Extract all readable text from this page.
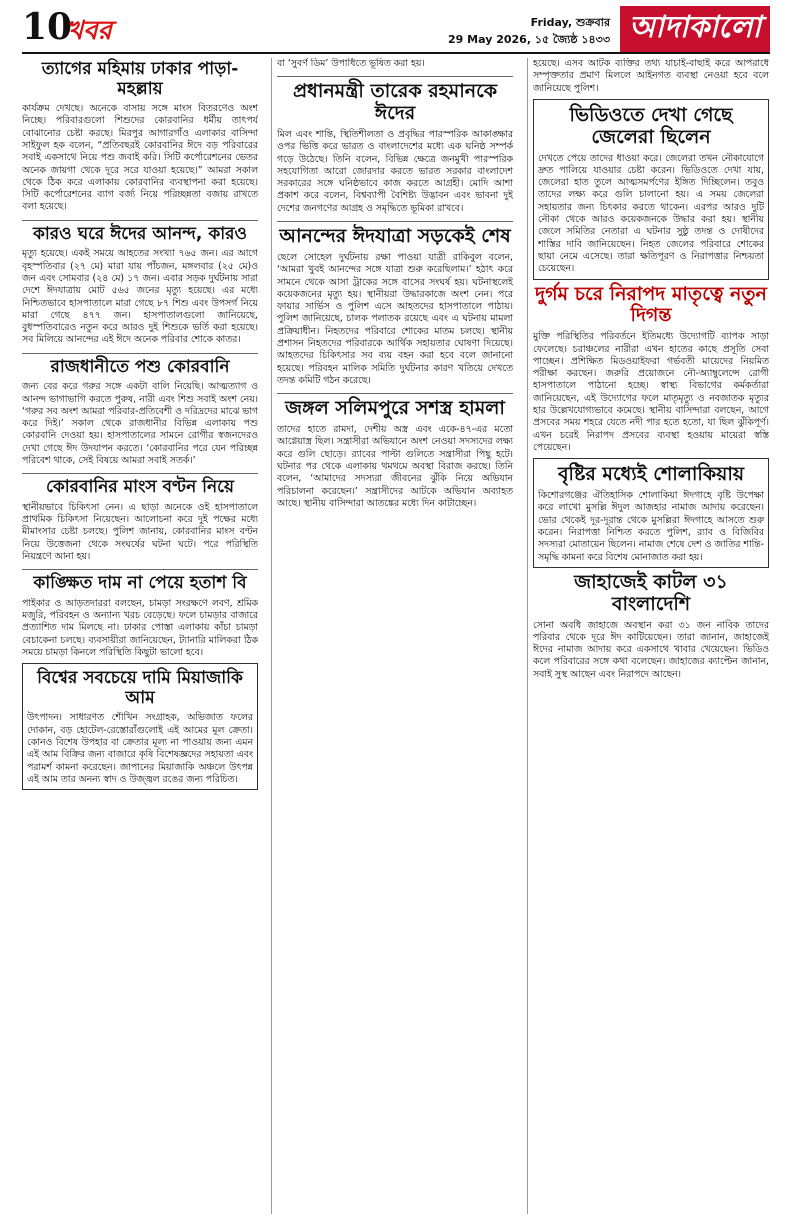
10
খবর	Friday, শুক্রবার
29 May 2026, ১৫ জ্যৈষ্ঠ ১৪৩৩ আদাকালো
ত্যাগের মহিমায় ঢাকার পাড়া-মহল্লায়

কার্যক্রম দেখছে। অনেকে বাসায় সঙ্গে মাংস বিতরণেও অংশ নিচ্ছে। পরিবারগুলো শিশুদের কোরবানির ধর্মীয় তাৎপর্য বোঝানোর চেষ্টা করছে। মিরপুর আগারগাঁও এলাকার বাসিন্দা সাইফুল হক বলেন, “প্রতিবছরই কোরবানির ঈদে বড় পরিবারের সবাই একসাথে নিয়ে পশু জবাই করি। সিটি কর্পোরেশনের ভেতর অনেক জায়গা থেকে দূরে সরে যাওয়া হয়েছে।” আমরা সকাল থেকে ঠিক করে এলাকায় কোরবানির ব্যবস্থাপনা করা হয়েছে। সিটি কর্পোরেশনের ব্যাগ বর্জ্য নিয়ে পরিচ্ছন্নতা বজায় রাখতে বলা হয়েছে।

কারও ঘরে ঈদের আনন্দ, কারও

মৃত্যু হয়েছে। একই সময়ে আহতের সংখ্যা ৭৬৫ জন। এর আগে বৃহস্পতিবার (২৭ মে) মারা যায় পাঁচজন, মঙ্গলবার (২৫ মে)ও জন এবং সোমবার (২৪ মে) ১৭ জন। এবার সড়ক দুর্ঘটনায় সারা দেশে ঈদযাত্রায় মোট ৫৬৫ জনের মৃত্যু হয়েছে। এর মধ্যে নিশ্চিতভাবে হাসপাতালে মারা গেছে ৮৭ শিশু এবং উপসর্গ নিয়ে মারা গেছে ৪৭৭ জন। হাসপাতালগুলো জানিয়েছে, বুধস্পতিবারেও নতুন করে আরও দুই শিশুকে ভর্তি করা হয়েছে। সব মিলিয়ে আনন্দের এই ঈদে অনেক পরিবার শোকে কাতর।

রাজধানীতে পশু কোরবানি

জন্য বের করে গরুর সঙ্গে একটা বালি নিয়েছি। আত্মত্যাগ ও আনন্দ ভাগাভাগি করতে পুরুষ, নারী এবং শিশু সবাই অংশ নেয়। ‘গরুর সব অংশ আমরা পরিবার-প্রতিবেশী ও দরিদ্রদের মাঝে ভাগ করে দিই।’ সকাল থেকে রাজধানীর বিভিন্ন এলাকায় পশু কোরবানি দেওয়া হয়। হাসপাতালের সামনে রোগীর স্বজনদেরও দেখা গেছে ঈদ উদযাপন করতে। ‘কোরবানির পরে যেন পরিচ্ছন্ন পরিবেশ থাকে, সেই বিষয়ে আমরা সবাই সতর্ক।’

কোরবানির মাংস বণ্টন নিয়ে

স্থানীয়ভাবে চিকিৎসা নেন। এ ছাড়া অনেকে ওই হাসপাতালে প্রাথমিক চিকিৎসা নিয়েছেন। আলোচনা করে দুই পক্ষের মধ্যে মীমাংসার চেষ্টা চলছে। পুলিশ জানায়, কোরবানির মাংস বণ্টন নিয়ে উত্তেজনা থেকে সংঘর্ষের ঘটনা ঘটে। পরে পরিস্থিতি নিয়ন্ত্রণে আনা হয়।

কাঙ্ক্ষিত দাম না পেয়ে হতাশ বি

পাইকার ও আড়তদাররা বলছেন, চামড়া সংরক্ষণে লবণ, শ্রমিক মজুরি, পরিবহন ও অন্যান্য খরচ বেড়েছে। ফলে চামড়ার বাজারে প্রত্যাশিত দাম মিলছে না। ঢাকার পোস্তা এলাকায় কাঁচা চামড়া বেচাকেনা চলছে। ব্যবসায়ীরা জানিয়েছেন, ট্যানারি মালিকরা ঠিক সময়ে চামড়া কিনলে পরিস্থিতি কিছুটা ভালো হবে।

বিশ্বের সবচেয়ে দামি মিয়াজাকি আম

উৎপাদন। সাধারণত শৌখিন সংগ্রাহক, অভিজাত ফলের দোকান, বড় হোটেল-রেস্তোরাঁগুলোই এই আমের মূল ক্রেতা। কোনও বিশেষ উপহার বা ক্রেতার মূল্য না পাওয়ায় জন্য এমন এই আম বিক্রির জন্য বাজারে কৃষি বিশেষজ্ঞদের সহায়তা এবং পরামর্শ কামনা করেছেন। জাপানের মিয়াজাকি অঞ্চলে উৎপন্ন এই আম তার অনন্য স্বাদ ও উজ্জ্বল রঙের জন্য পরিচিত।

বা ‘সুবর্ণ ডিম’ উপাধিতে ভূষিত করা হয়।

প্রধানমন্ত্রী তারেক রহমানকে ঈদের

মিল এবং শান্তি, স্থিতিশীলতা ও প্রবৃদ্ধির পারস্পরিক আকাঙ্ক্ষার ওপর ভিত্তি করে ভারত ও বাংলাদেশের মধ্যে এক ঘনিষ্ঠ সম্পর্ক গড়ে উঠেছে। তিনি বলেন, বিভিন্ন ক্ষেত্রে জনমুখী পারস্পরিক সহযোগিতা আরো জোরদার করতে ভারত সরকার বাংলাদেশ সরকারের সঙ্গে ঘনিষ্ঠভাবে কাজ করতে আগ্রহী। মোদি আশা প্রকাশ করে বলেন, বিশ্বব্যাপী বৈশিষ্ট্য উদ্ভাবন এবং ভাবনা দুই দেশের জনগণের আগ্রহ ও সমৃদ্ধিতে ভূমিকা রাখবে।

আনন্দের ঈদযাত্রা সড়কেই শেষ

ছেলে সোহেল দুর্ঘটনায় রক্ষা পাওয়া যাত্রী রাকিবুল বলেন, ‘আমরা খুবই আনন্দের সঙ্গে যাত্রা শুরু করেছিলাম।’ হঠাৎ করে সামনে থেকে আসা ট্রাকের সঙ্গে বাসের সংঘর্ষ হয়। ঘটনাস্থলেই কয়েকজনের মৃত্যু হয়। স্থানীয়রা উদ্ধারকাজে অংশ নেন। পরে ফায়ার সার্ভিস ও পুলিশ এসে আহতদের হাসপাতালে পাঠায়। পুলিশ জানিয়েছে, চালক পলাতক রয়েছে এবং এ ঘটনায় মামলা প্রক্রিয়াধীন। নিহতদের পরিবারে শোকের মাতম চলছে। স্থানীয় প্রশাসন নিহতদের পরিবারকে আর্থিক সহায়তার ঘোষণা দিয়েছে। আহতদের চিকিৎসার সব ব্যয় বহন করা হবে বলে জানানো হয়েছে। পরিবহন মালিক সমিতি দুর্ঘটনার কারণ খতিয়ে দেখতে তদন্ত কমিটি গঠন করেছে।

জঙ্গল সলিমপুরে সশস্ত্র হামলা

তাদের হাতে রামদা, দেশীয় অস্ত্র এবং একে-৪৭-এর মতো আগ্নেয়াস্ত্র ছিল। সন্ত্রাসীরা অভিযানে অংশ নেওয়া সদস্যদের লক্ষ্য করে গুলি ছোড়ে। র‍্যাবের পাল্টা গুলিতে সন্ত্রাসীরা পিছু হটে। ঘটনার পর থেকে এলাকায় থমথমে অবস্থা বিরাজ করছে। তিনি বলেন, ‘আমাদের সদস্যরা জীবনের ঝুঁকি নিয়ে অভিযান পরিচালনা করেছেন।’ সন্ত্রাসীদের আটকে অভিযান অব্যাহত আছে। স্থানীয় বাসিন্দারা আতঙ্কের মধ্যে দিন কাটাচ্ছেন।

হয়েছে। এসব আটক ব্যক্তির তথ্য যাচাই-বাছাই করে আপরাধে সম্পৃক্ততার প্রমাণ মিললে আইনগত ব্যবস্থা নেওয়া হবে বলে জানিয়েছে পুলিশ।

ভিডিওতে দেখা গেছে জেলেরা ছিলেন

দেখতে পেয়ে তাদের ধাওয়া করে। জেলেরা তখন নৌকাযোগে দ্রুত পালিয়ে যাওয়ার চেষ্টা করেন। ভিডিওতে দেখা যায়, জেলেরা হাত তুলে আত্মসমর্পণের ইঙ্গিত দিচ্ছিলেন। তবুও তাদের লক্ষ্য করে গুলি চালানো হয়। এ সময় জেলেরা সহায়তার জন্য চিৎকার করতে থাকেন। এরপর আরও দুটি নৌকা থেকে আরও কয়েকজনকে উদ্ধার করা হয়। স্থানীয় জেলে সমিতির নেতারা এ ঘটনার সুষ্ঠু তদন্ত ও দোষীদের শাস্তির দাবি জানিয়েছেন। নিহত জেলের পরিবারে শোকের ছায়া নেমে এসেছে। তারা ক্ষতিপূরণ ও নিরাপত্তার নিশ্চয়তা চেয়েছেন।

দুর্গম চরে নিরাপদ মাতৃত্বে নতুন দিগন্ত

মুক্তি পরিস্থিতির পরিবর্তনে ইতিমধ্যে উদ্যোগটি ব্যাপক সাড়া ফেলেছে। চরাঞ্চলের নারীরা এখন হাতের কাছে প্রসূতি সেবা পাচ্ছেন। প্রশিক্ষিত মিডওয়াইফরা গর্ভবতী মায়েদের নিয়মিত পরীক্ষা করছেন। জরুরি প্রয়োজনে নৌ-অ্যাম্বুলেন্সে রোগী হাসপাতালে পাঠানো হচ্ছে। স্বাস্থ্য বিভাগের কর্মকর্তারা জানিয়েছেন, এই উদ্যোগের ফলে মাতৃমৃত্যু ও নবজাতক মৃত্যুর হার উল্লেখযোগ্যভাবে কমেছে। স্থানীয় বাসিন্দারা বলছেন, আগে প্রসবের সময় শহরে যেতে নদী পার হতে হতো, যা ছিল ঝুঁকিপূর্ণ। এখন চরেই নিরাপদ প্রসবের ব্যবস্থা হওয়ায় মায়েরা স্বস্তি পেয়েছেন।

বৃষ্টির মধ্যেই শোলাকিয়ায়

কিশোরগঞ্জের ঐতিহাসিক শোলাকিয়া ঈদগাহে বৃষ্টি উপেক্ষা করে লাখো মুসল্লি ঈদুল আজহার নামাজ আদায় করেছেন। ভোর থেকেই দূর-দূরান্ত থেকে মুসল্লিরা ঈদগাহে আসতে শুরু করেন। নিরাপত্তা নিশ্চিত করতে পুলিশ, র‍্যাব ও বিজিবির সদস্যরা মোতায়েন ছিলেন। নামাজ শেষে দেশ ও জাতির শান্তি-সমৃদ্ধি কামনা করে বিশেষ মোনাজাত করা হয়।

জাহাজেই কাটল ৩১ বাংলাদেশি

সোনা অবধি জাহাজে অবস্থান করা ৩১ জন নাবিক তাদের পরিবার থেকে দূরে ঈদ কাটিয়েছেন। তারা জানান, জাহাজেই ঈদের নামাজ আদায় করে একসাথে খাবার খেয়েছেন। ভিডিও কলে পরিবারের সঙ্গে কথা বলেছেন। জাহাজের ক্যাপ্টেন জানান, সবাই সুস্থ আছেন এবং নিরাপদে আছেন।
